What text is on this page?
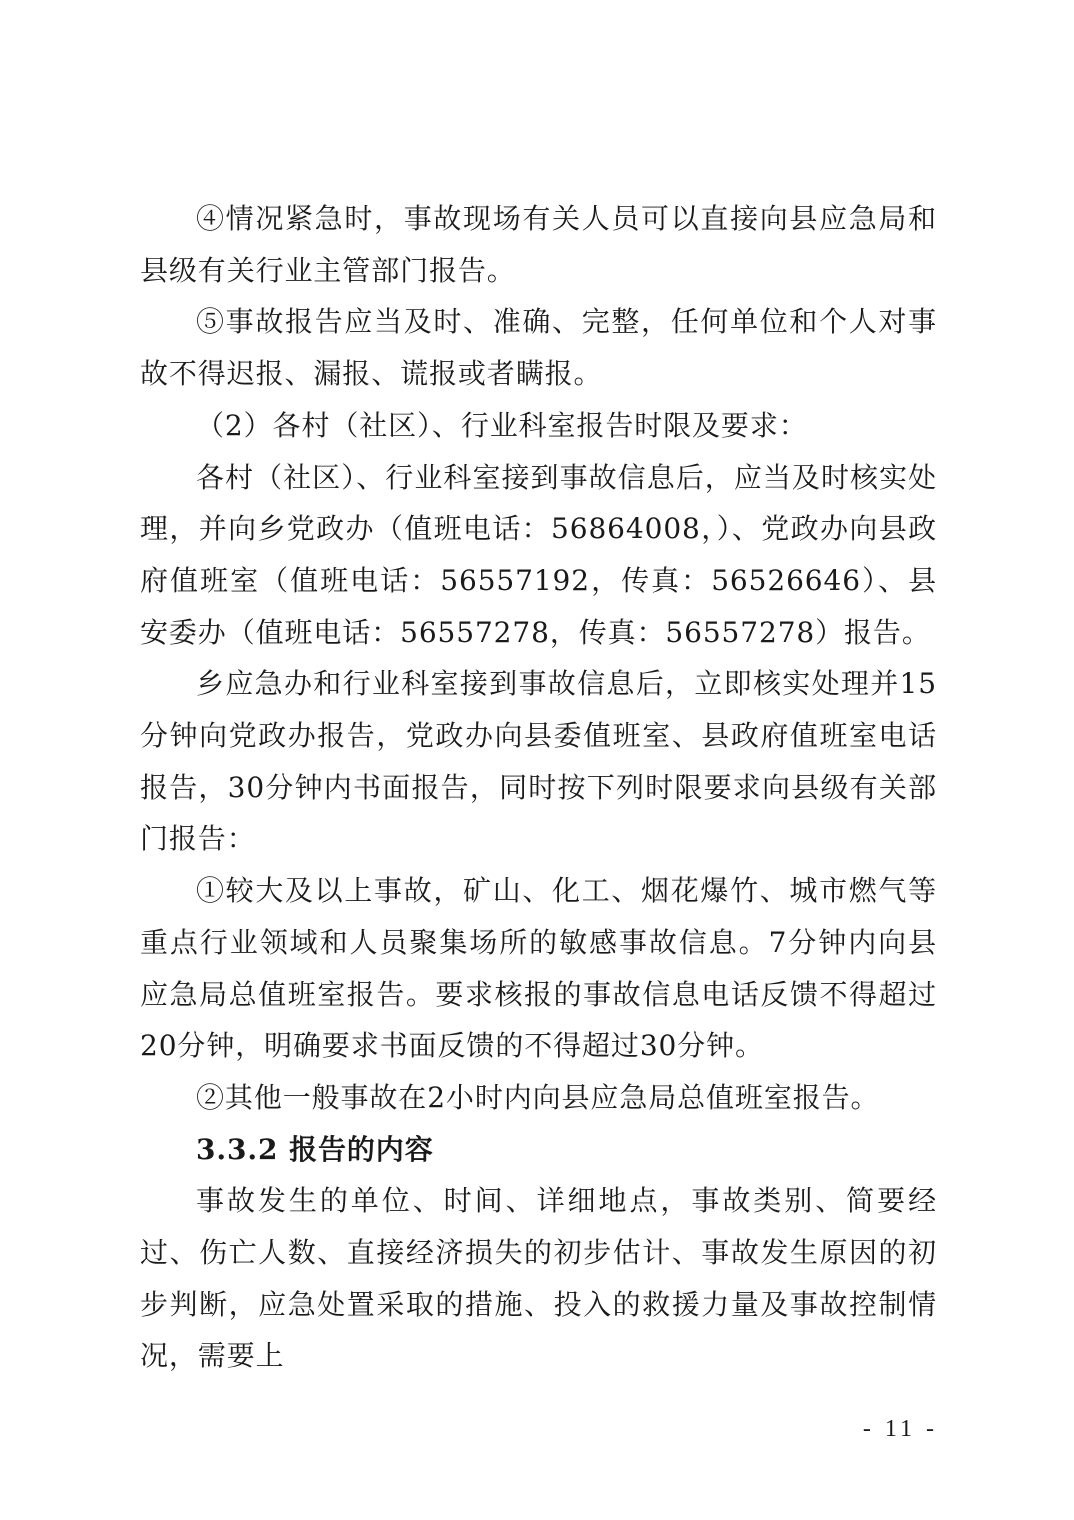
④情况紧急时，事故现场有关人员可以直接向县应急局和县级有关行业主管部门报告。

⑤事故报告应当及时、准确、完整，任何单位和个人对事故不得迟报、漏报、谎报或者瞒报。

（2）各村（社区）、行业科室报告时限及要求：

各村（社区）、行业科室接到事故信息后，应当及时核实处理，并向乡党政办（值班电话：56864008，）、党政办向县政府值班室（值班电话：56557192，传真：56526646）、县安委办（值班电话：56557278，传真：56557278）报告。

乡应急办和行业科室接到事故信息后，立即核实处理并15分钟向党政办报告，党政办向县委值班室、县政府值班室电话报告，30分钟内书面报告，同时按下列时限要求向县级有关部门报告：

①较大及以上事故，矿山、化工、烟花爆竹、城市燃气等重点行业领域和人员聚集场所的敏感事故信息。7分钟内向县应急局总值班室报告。要求核报的事故信息电话反馈不得超过20分钟，明确要求书面反馈的不得超过30分钟。

②其他一般事故在2小时内向县应急局总值班室报告。

3.3.2 报告的内容

事故发生的单位、时间、详细地点，事故类别、简要经过、伤亡人数、直接经济损失的初步估计、事故发生原因的初步判断，应急处置采取的措施、投入的救援力量及事故控制情况，需要上

- 11 -
